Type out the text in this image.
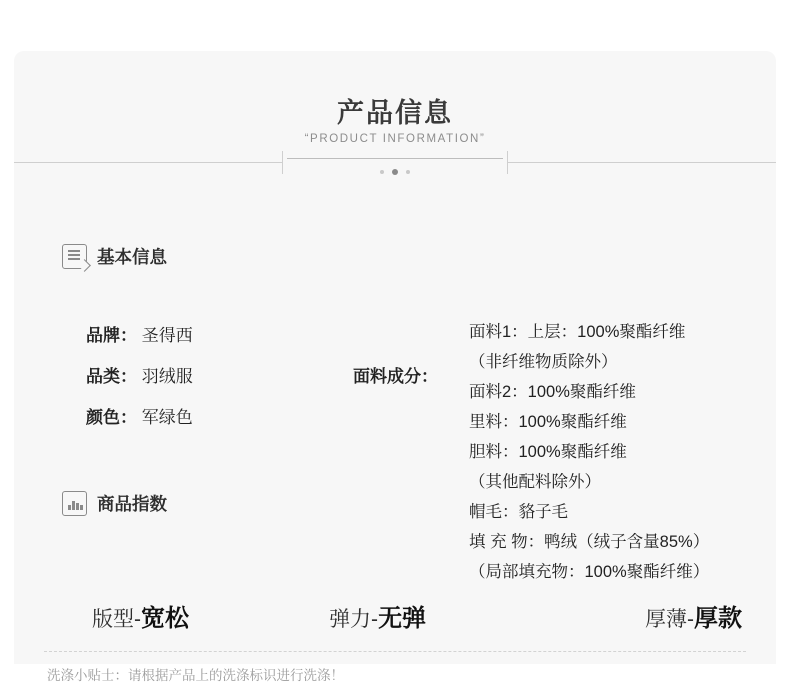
产品信息
“PRODUCT INFORMATION”
基本信息
品牌： 圣得西
品类： 羽绒服
颜色： 军绿色
面料成分：
面料1：上层：100%聚酯纤维
（非纤维物质除外）
面料2：100%聚酯纤维
里料：100%聚酯纤维
胆料：100%聚酯纤维
（其他配料除外）
帽毛：貉子毛
填 充 物：鸭绒（绒子含量85%）
（局部填充物：100%聚酯纤维）
商品指数
版型-宽松	弹力-无弹	厚薄-厚款
洗涤小贴士：请根据产品上的洗涤标识进行洗涤！
